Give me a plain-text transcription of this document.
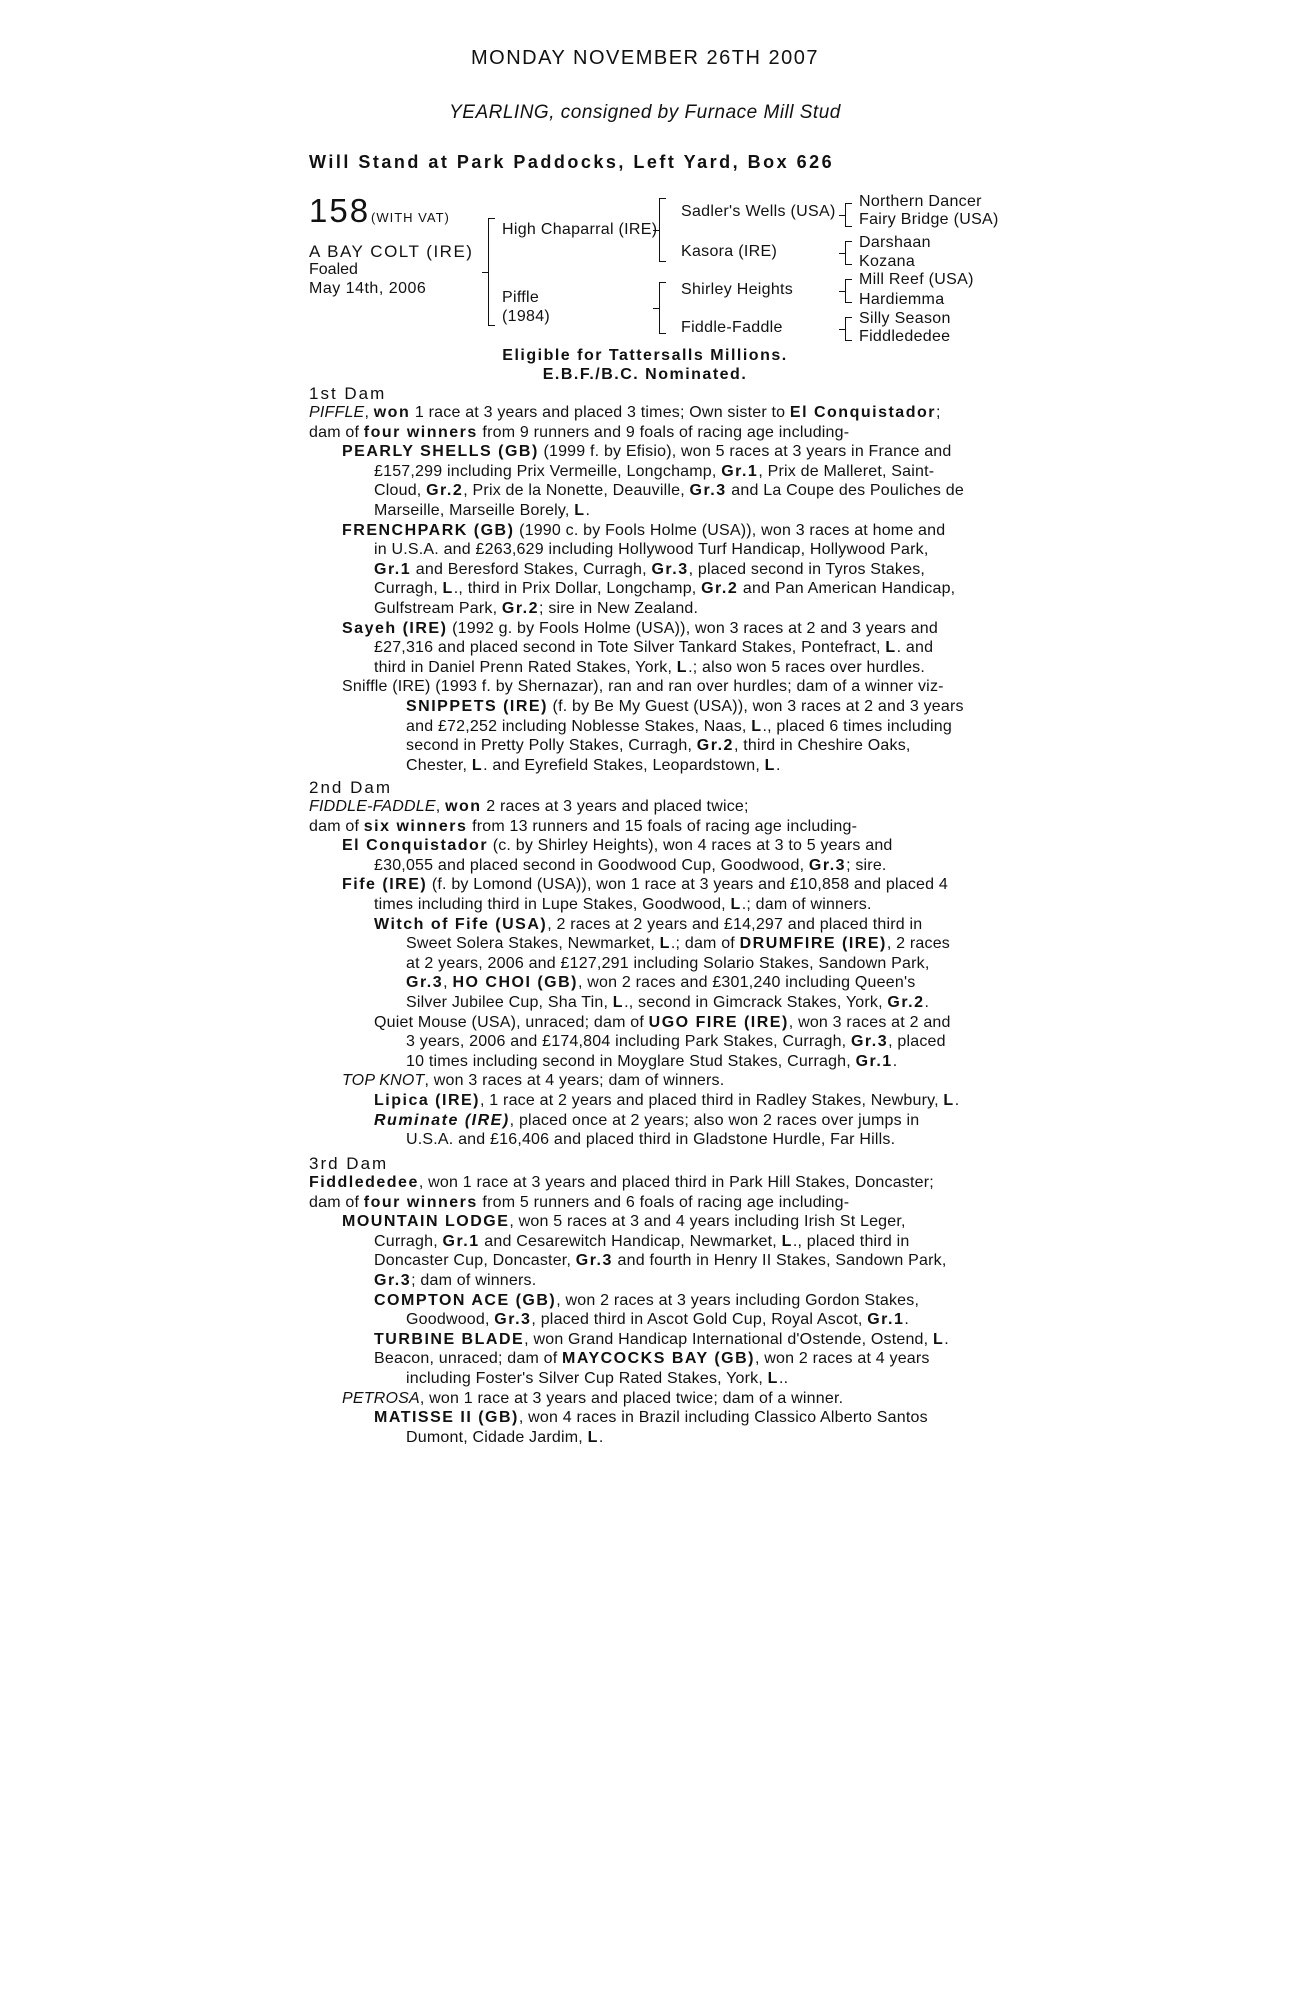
MONDAY NOVEMBER 26TH 2007
YEARLING, consigned by Furnace Mill Stud
Will Stand at Park Paddocks, Left Yard, Box 626
158 (WITH VAT)
A BAY COLT (IRE)
Foaled
May 14th, 2006
High Chaparral (IRE)
Piffle
(1984)
Sadler's Wells (USA)
Kasora (IRE)
Shirley Heights
Fiddle-Faddle
Northern Dancer
Fairy Bridge (USA)
Darshaan
Kozana
Mill Reef (USA)
Hardiemma
Silly Season
Fiddlededee
Eligible for Tattersalls Millions.
E.B.F./B.C. Nominated.
1st Dam
PIFFLE, won 1 race at 3 years and placed 3 times; Own sister to El Conquistador;
dam of four winners from 9 runners and 9 foals of racing age including-
PEARLY SHELLS (GB) (1999 f. by Efisio), won 5 races at 3 years in France and
£157,299 including Prix Vermeille, Longchamp, Gr.1, Prix de Malleret, Saint-
Cloud, Gr.2, Prix de la Nonette, Deauville, Gr.3 and La Coupe des Pouliches de
Marseille, Marseille Borely, L.
FRENCHPARK (GB) (1990 c. by Fools Holme (USA)), won 3 races at home and
in U.S.A. and £263,629 including Hollywood Turf Handicap, Hollywood Park,
Gr.1 and Beresford Stakes, Curragh, Gr.3, placed second in Tyros Stakes,
Curragh, L., third in Prix Dollar, Longchamp, Gr.2 and Pan American Handicap,
Gulfstream Park, Gr.2; sire in New Zealand.
Sayeh (IRE) (1992 g. by Fools Holme (USA)), won 3 races at 2 and 3 years and
£27,316 and placed second in Tote Silver Tankard Stakes, Pontefract, L. and
third in Daniel Prenn Rated Stakes, York, L.; also won 5 races over hurdles.
Sniffle (IRE) (1993 f. by Shernazar), ran and ran over hurdles; dam of a winner viz-
SNIPPETS (IRE) (f. by Be My Guest (USA)), won 3 races at 2 and 3 years
and £72,252 including Noblesse Stakes, Naas, L., placed 6 times including
second in Pretty Polly Stakes, Curragh, Gr.2, third in Cheshire Oaks,
Chester, L. and Eyrefield Stakes, Leopardstown, L.
2nd Dam
FIDDLE-FADDLE, won 2 races at 3 years and placed twice;
dam of six winners from 13 runners and 15 foals of racing age including-
El Conquistador (c. by Shirley Heights), won 4 races at 3 to 5 years and
£30,055 and placed second in Goodwood Cup, Goodwood, Gr.3; sire.
Fife (IRE) (f. by Lomond (USA)), won 1 race at 3 years and £10,858 and placed 4
times including third in Lupe Stakes, Goodwood, L.; dam of winners.
Witch of Fife (USA), 2 races at 2 years and £14,297 and placed third in
Sweet Solera Stakes, Newmarket, L.; dam of DRUMFIRE (IRE), 2 races
at 2 years, 2006 and £127,291 including Solario Stakes, Sandown Park,
Gr.3, HO CHOI (GB), won 2 races and £301,240 including Queen's
Silver Jubilee Cup, Sha Tin, L., second in Gimcrack Stakes, York, Gr.2.
Quiet Mouse (USA), unraced; dam of UGO FIRE (IRE), won 3 races at 2 and
3 years, 2006 and £174,804 including Park Stakes, Curragh, Gr.3, placed
10 times including second in Moyglare Stud Stakes, Curragh, Gr.1.
TOP KNOT, won 3 races at 4 years; dam of winners.
Lipica (IRE), 1 race at 2 years and placed third in Radley Stakes, Newbury, L.
Ruminate (IRE), placed once at 2 years; also won 2 races over jumps in
U.S.A. and £16,406 and placed third in Gladstone Hurdle, Far Hills.
3rd Dam
Fiddlededee, won 1 race at 3 years and placed third in Park Hill Stakes, Doncaster;
dam of four winners from 5 runners and 6 foals of racing age including-
MOUNTAIN LODGE, won 5 races at 3 and 4 years including Irish St Leger,
Curragh, Gr.1 and Cesarewitch Handicap, Newmarket, L., placed third in
Doncaster Cup, Doncaster, Gr.3 and fourth in Henry II Stakes, Sandown Park,
Gr.3; dam of winners.
COMPTON ACE (GB), won 2 races at 3 years including Gordon Stakes,
Goodwood, Gr.3, placed third in Ascot Gold Cup, Royal Ascot, Gr.1.
TURBINE BLADE, won Grand Handicap International d'Ostende, Ostend, L.
Beacon, unraced; dam of MAYCOCKS BAY (GB), won 2 races at 4 years
including Foster's Silver Cup Rated Stakes, York, L..
PETROSA, won 1 race at 3 years and placed twice; dam of a winner.
MATISSE II (GB), won 4 races in Brazil including Classico Alberto Santos
Dumont, Cidade Jardim, L.
